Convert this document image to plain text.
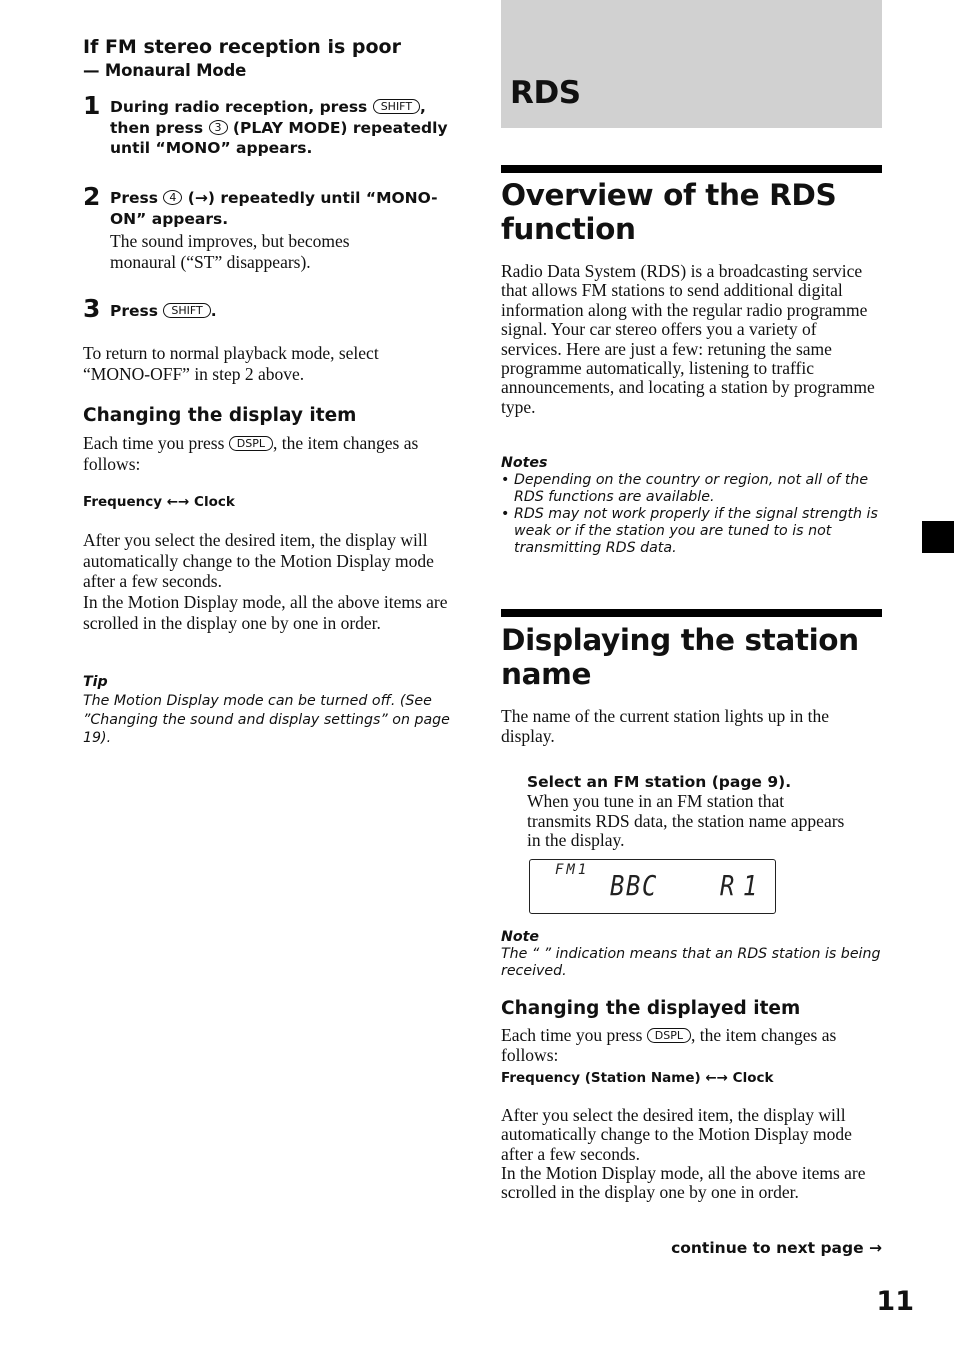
If FM stereo reception is poor
— Monaural Mode
1 During radio reception, press SHIFT , then press 3 (PLAY MODE) repeatedly until “MONO” appears.
2 Press 4 (→) repeatedly until “MONO-ON” appears.
The sound improves, but becomes monaural (“ST” disappears).
3 Press SHIFT .
To return to normal playback mode, select “MONO-OFF” in step 2 above.
Changing the display item
Each time you press DSPL , the item changes as follows:
Frequency ←→ Clock
After you select the desired item, the display will automatically change to the Motion Display mode after a few seconds.
In the Motion Display mode, all the above items are scrolled in the display one by one in order.
Tip
The Motion Display mode can be turned off. (See ”Changing the sound and display settings” on page 19).
RDS
Overview of the RDS function
Radio Data System (RDS) is a broadcasting service that allows FM stations to send additional digital information along with the regular radio programme signal. Your car stereo offers you a variety of services. Here are just a few: retuning the same programme automatically, listening to traffic announcements, and locating a station by programme type.
Notes
• Depending on the country or region, not all of the RDS functions are available.
• RDS may not work properly if the signal strength is weak or if the station you are tuned to is not transmitting RDS data.
Displaying the station name
The name of the current station lights up in the display.
Select an FM station (page 9).
When you tune in an FM station that transmits RDS data, the station name appears in the display.
FM1 BBC R1
Note
The “ ” indication means that an RDS station is being received.
Changing the displayed item
Each time you press DSPL , the item changes as follows:
Frequency (Station Name) ←→ Clock
After you select the desired item, the display will automatically change to the Motion Display mode after a few seconds.
In the Motion Display mode, all the above items are scrolled in the display one by one in order.
continue to next page →
11
